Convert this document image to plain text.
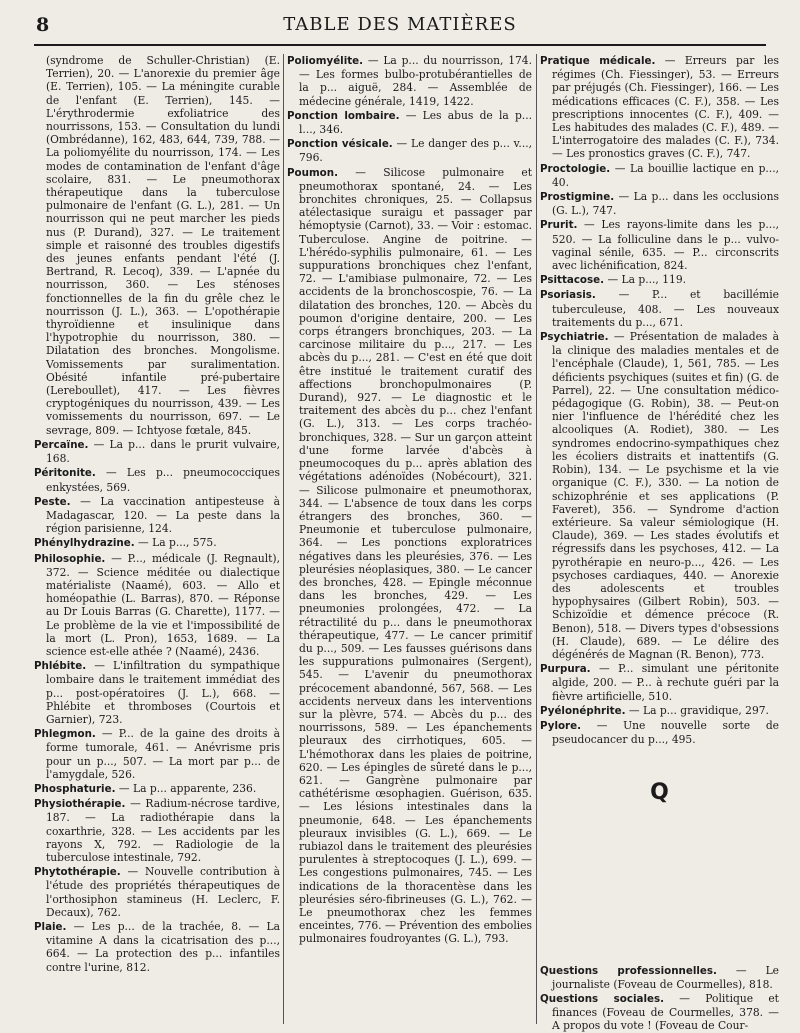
8	TABLE DES MATIÈRES

(syndrome de Schuller-Christian) (E. Terrien), 20. — L'anorexie du premier âge (E. Terrien), 105. — La méningite curable de l'enfant (E. Terrien), 145. — L'érythrodermie exfoliatrice des nourrissons, 153. — Consultation du lundi (Ombrédanne), 162, 483, 644, 739, 788. — La poliomyélite du nourrisson, 174. — Les modes de contamination de l'enfant d'âge scolaire, 831. — Le pneumothorax thérapeutique dans la tuberculose pulmonaire de l'enfant (G. L.), 281. — Un nourrisson qui ne peut marcher les pieds nus (P. Durand), 327. — Le traitement simple et raisonné des troubles digestifs des jeunes enfants pendant l'été (J. Bertrand, R. Lecoq), 339. — L'apnée du nourrisson, 360. — Les sténoses fonctionnelles de la fin du grêle chez le nourrisson (J. L.), 363. — L'opothérapie thyroïdienne et insulinique dans l'hypotrophie du nourrisson, 380. — Dilatation des bronches. Mongolisme. Vomissements par suralimentation. Obésité infantile pré-pubertaire (Lereboullet), 417. — Les fièvres cryptogéniques du nourrisson, 439. — Les vomissements du nourrisson, 697. — Le sevrage, 809. — Ichtyose fœtale, 845.

Percaïne. — La p... dans le prurit vulvaire, 168.

Péritonite. — Les p... pneumococciques enkystées, 569.

Peste. — La vaccination antipesteuse à Madagascar, 120. — La peste dans la région parisienne, 124.

Phénylhydrazine. — La p..., 575.

Philosophie. — P..., médicale (J. Regnault), 372. — Science méditée ou dialectique matérialiste (Naamé), 603. — Allo et homéopathie (L. Barras), 870. — Réponse au Dr Louis Barras (G. Charette), 1177. — Le problème de la vie et l'impossibilité de la mort (L. Pron), 1653, 1689. — La science est-elle athée ? (Naamé), 2436.

Phlébite. — L'infiltration du sympathique lombaire dans le traitement immédiat des p... post-opératoires (J. L.), 668. — Phlébite et thromboses (Courtois et Garnier), 723.

Phlegmon. — P... de la gaine des droits à forme tumorale, 461. — Anévrisme pris pour un p..., 507. — La mort par p... de l'amygdale, 526.

Phosphaturie. — La p... apparente, 236.

Physiothérapie. — Radium-nécrose tardive, 187. — La radiothérapie dans la coxarthrie, 328. — Les accidents par les rayons X, 792. — Radiologie de la tuberculose intestinale, 792.

Phytothérapie. — Nouvelle contribution à l'étude des propriétés thérapeutiques de l'orthosiphon stamineus (H. Leclerc, F. Decaux), 762.

Plaie. — Les p... de la trachée, 8. — La vitamine A dans la cicatrisation des p..., 664. — La protection des p... infantiles contre l'urine, 812.

Poliomyélite. — La p... du nourrisson, 174. — Les formes bulbo-protubérantielles de la p... aiguë, 284. — Assemblée de médecine générale, 1419, 1422.

Ponction lombaire. — Les abus de la p... l..., 346.

Ponction vésicale. — Le danger des p... v..., 796.

Poumon. — Silicose pulmonaire et pneumothorax spontané, 24. — Les bronchites chroniques, 25. — Collapsus atélectasique suraigu et passager par hémoptysie (Carnot), 33. — Voir : estomac. Tuberculose. Angine de poitrine. — L'hérédo-syphilis pulmonaire, 61. — Les suppurations bronchiques chez l'enfant, 72. — L'amibiase pulmonaire, 72. — Les accidents de la bronchoscospie, 76. — La dilatation des bronches, 120. — Abcès du poumon d'origine dentaire, 200. — Les corps étrangers bronchiques, 203. — La carcinose militaire du p..., 217. — Les abcès du p..., 281. — C'est en été que doit être institué le traitement curatif des affections bronchopulmonaires (P. Durand), 927. — Le diagnostic et le traitement des abcès du p... chez l'enfant (G. L.), 313. — Les corps trachéo-bronchiques, 328. — Sur un garçon atteint d'une forme larvée d'abcès à pneumocoques du p... après ablation des végétations adénoïdes (Nobécourt), 321. — Silicose pulmonaire et pneumothorax, 344. — L'absence de toux dans les corps étrangers des bronches, 360. — Pneumonie et tuberculose pulmonaire, 364. — Les ponctions exploratrices négatives dans les pleurésies, 376. — Les pleurésies néoplasiques, 380. — Le cancer des bronches, 428. — Epingle méconnue dans les bronches, 429. — Les pneumonies prolongées, 472. — La rétractilité du p... dans le pneumothorax thérapeutique, 477. — Le cancer primitif du p..., 509. — Les fausses guérisons dans les suppurations pulmonaires (Sergent), 545. — L'avenir du pneumothorax précocement abandonné, 567, 568. — Les accidents nerveux dans les interventions sur la plèvre, 574. — Abcès du p... des nourrissons, 589. — Les épanchements pleuraux des cirrhotiques, 605. — L'hémothorax dans les plaies de poitrine, 620. — Les épingles de sûreté dans le p..., 621. — Gangrène pulmonaire par cathétérisme œsophagien. Guérison, 635. — Les lésions intestinales dans la pneumonie, 648. — Les épanchements pleuraux invisibles (G. L.), 669. — Le rubiazol dans le traitement des pleurésies purulentes à streptocoques (J. L.), 699. — Les congestions pulmonaires, 745. — Les indications de la thoracentèse dans les pleurésies séro-fibrineuses (G. L.), 762. — Le pneumothorax chez les femmes enceintes, 776. — Prévention des embolies pulmonaires foudroyantes (G. L.), 793.

Pratique médicale. — Erreurs par les régimes (Ch. Fiessinger), 53. — Erreurs par préjugés (Ch. Fiessinger), 166. — Les médications efficaces (C. F.), 358. — Les prescriptions innocentes (C. F.), 409. — Les habitudes des malades (C. F.), 489. — L'interrogatoire des malades (C. F.), 734. — Les pronostics graves (C. F.), 747.

Proctologie. — La bouillie lactique en p..., 40.

Prostigmine. — La p... dans les occlusions (G. L.), 747.

Prurit. — Les rayons-limite dans les p..., 520. — La folliculine dans le p... vulvo-vaginal sénile, 635. — P... circonscrits avec lichénification, 824.

Psittacose. — La p..., 119.

Psoriasis. — P... et bacillémie tuberculeuse, 408. — Les nouveaux traitements du p..., 671.

Psychiatrie. — Présentation de malades à la clinique des maladies mentales et de l'encéphale (Claude), 1, 561, 785. — Les déficients psychiques (suites et fin) (G. de Parrel), 22. — Une consultation médico-pédagogique (G. Robin), 38. — Peut-on nier l'influence de l'hérédité chez les alcooliques (A. Rodiet), 380. — Les syndromes endocrino-sympathiques chez les écoliers distraits et inattentifs (G. Robin), 134. — Le psychisme et la vie organique (C. F.), 330. — La notion de schizophrénie et ses applications (P. Faveret), 356. — Syndrome d'action extérieure. Sa valeur sémiologique (H. Claude), 369. — Les stades évolutifs et régressifs dans les psychoses, 412. — La pyrothérapie en neuro-p..., 426. — Les psychoses cardiaques, 440. — Anorexie des adolescents et troubles hypophysaires (Gilbert Robin), 503. — Schizoïdie et démence précoce (R. Benon), 518. — Divers types d'obsessions (H. Claude), 689. — Le délire des dégénérés de Magnan (R. Benon), 773.

Purpura. — P... simulant une péritonite algide, 200. — P... à rechute guéri par la fièvre artificielle, 510.

Pyélonéphrite. — La p... gravidique, 297.

Pylore. — Une nouvelle sorte de pseudocancer du p..., 495.

Q

Questions professionnelles. — Le journaliste (Foveau de Courmelles), 818.

Questions sociales. — Politique et finances (Foveau de Courmelles, 378. — A propos du vote ! (Foveau de Cour-
